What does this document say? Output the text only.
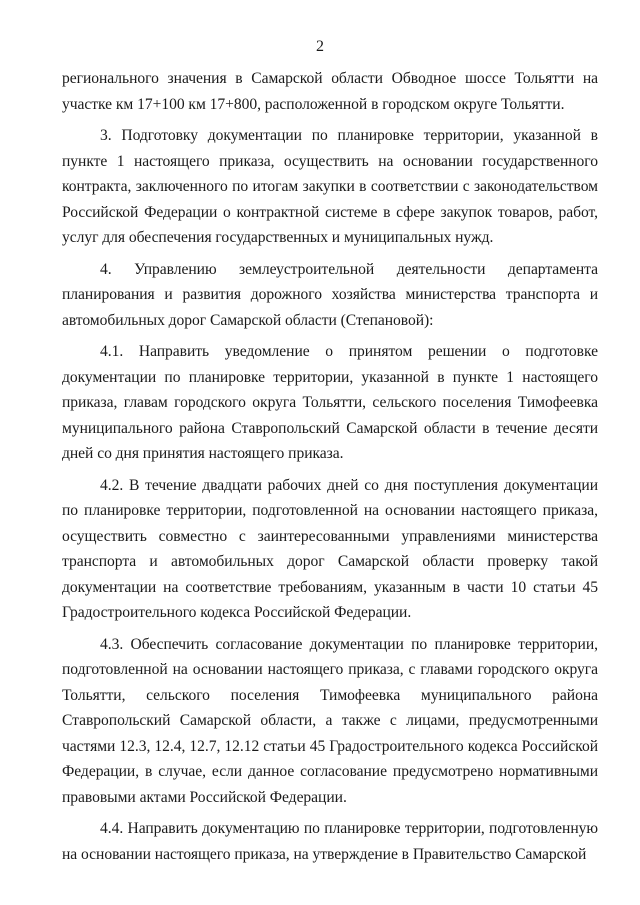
2

регионального значения в Самарской области Обводное шоссе Тольятти на участке км 17+100 км 17+800, расположенной в городском округе Тольятти.

3. Подготовку документации по планировке территории, указанной в пункте 1 настоящего приказа, осуществить на основании государственного контракта, заключенного по итогам закупки в соответствии с законодательством Российской Федерации о контрактной системе в сфере закупок товаров, работ, услуг для обеспечения государственных и муниципальных нужд.

4. Управлению землеустроительной деятельности департамента планирования и развития дорожного хозяйства министерства транспорта и автомобильных дорог Самарской области (Степановой):

4.1. Направить уведомление о принятом решении о подготовке документации по планировке территории, указанной в пункте 1 настоящего приказа, главам городского округа Тольятти, сельского поселения Тимофеевка муниципального района Ставропольский Самарской области в течение десяти дней со дня принятия настоящего приказа.

4.2. В течение двадцати рабочих дней со дня поступления документации по планировке территории, подготовленной на основании настоящего приказа, осуществить совместно с заинтересованными управлениями министерства транспорта и автомобильных дорог Самарской области проверку такой документации на соответствие требованиям, указанным в части 10 статьи 45 Градостроительного кодекса Российской Федерации.

4.3. Обеспечить согласование документации по планировке территории, подготовленной на основании настоящего приказа, с главами городского округа Тольятти, сельского поселения Тимофеевка муниципального района Ставропольский Самарской области, а также с лицами, предусмотренными частями 12.3, 12.4, 12.7, 12.12 статьи 45 Градостроительного кодекса Российской Федерации, в случае, если данное согласование предусмотрено нормативными правовыми актами Российской Федерации.

4.4. Направить документацию по планировке территории, подготовленную на основании настоящего приказа, на утверждение в Правительство Самарской
